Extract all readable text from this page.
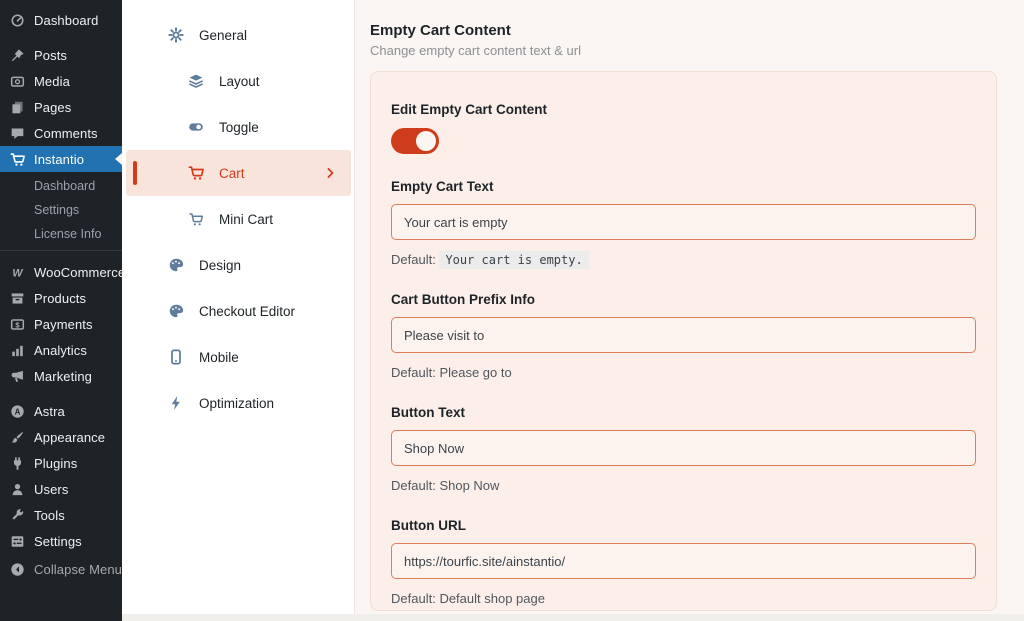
Dashboard
Posts
Media
Pages
Comments
Instantio
Dashboard
Settings
License Info
W WooCommerce
Products
$ Payments
Analytics
Marketing
A Astra
Appearance
Plugins
Users
Tools
Settings
Collapse Menu
General
Layout
Toggle
Cart
Mini Cart
Design
Checkout Editor
Mobile
Optimization
Empty Cart Content
Change empty cart content text & url
Edit Empty Cart Content
Empty Cart Text
Your cart is empty
Default: Your cart is empty.
Cart Button Prefix Info
Please visit to
Default: Please go to
Button Text
Shop Now
Default: Shop Now
Button URL
https://tourfic.site/ainstantio/
Default: Default shop page
